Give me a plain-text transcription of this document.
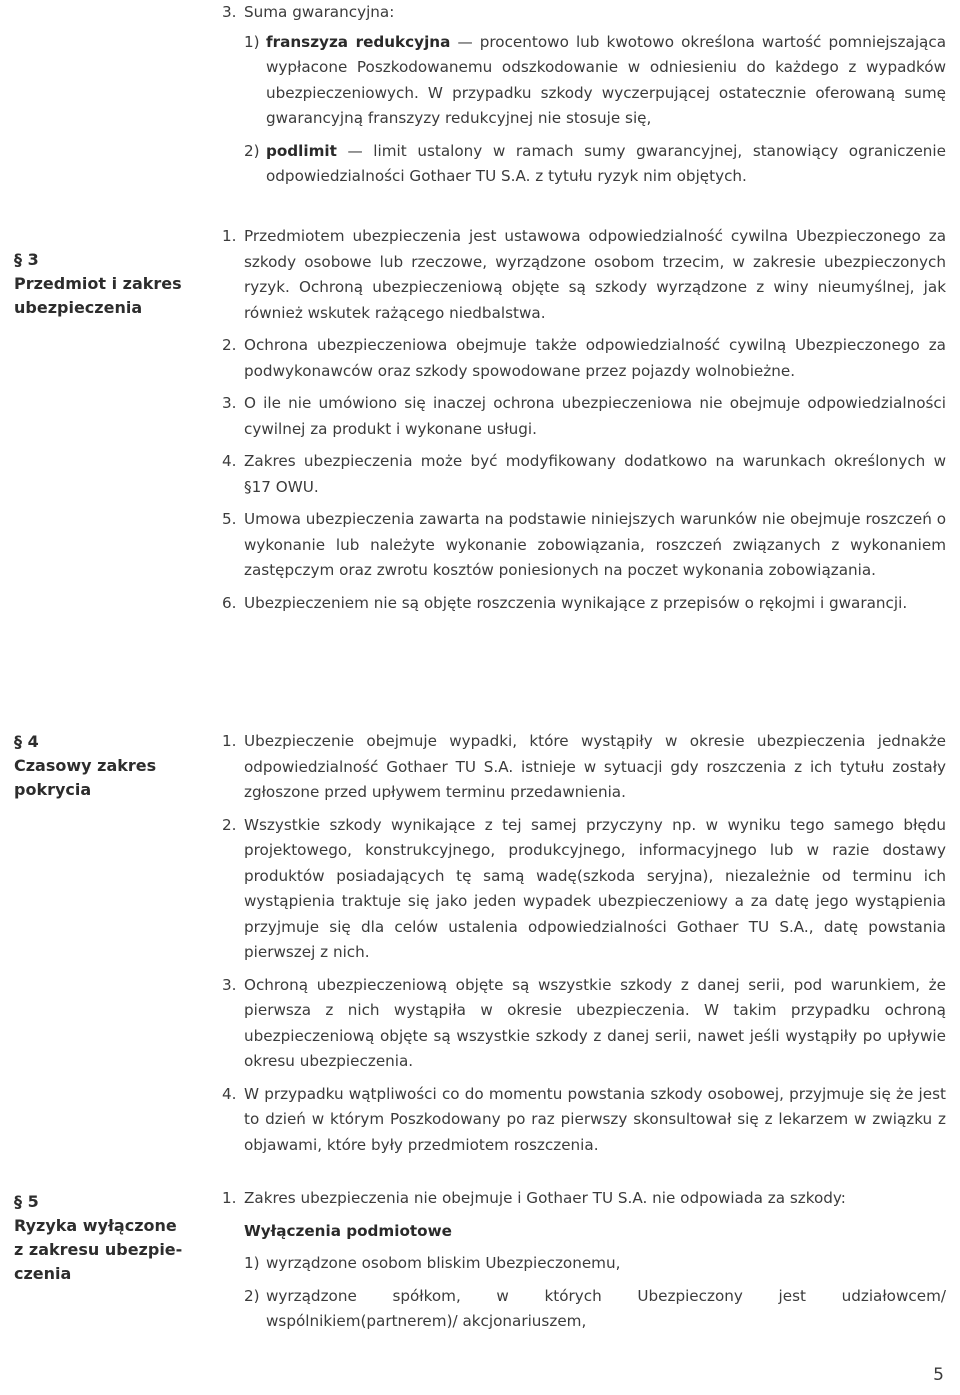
3. Suma gwarancyjna:
1) franszyza redukcyjna — procentowo lub kwotowo określona wartość pomniejszająca wypłacone Poszkodowanemu odszkodowanie w odniesieniu do każdego z wypadków ubezpieczeniowych. W przypadku szkody wyczerpującej ostatecznie oferowaną sumę gwarancyjną franszyzy redukcyjnej nie stosuje się,
2) podlimit — limit ustalony w ramach sumy gwarancyjnej, stanowiący ograniczenie odpowiedzialności Gothaer TU S.A. z tytułu ryzyk nim objętych.
§ 3
Przedmiot i zakres
ubezpieczenia
1. Przedmiotem ubezpieczenia jest ustawowa odpowiedzialność cywilna Ubezpieczonego za szkody osobowe lub rzeczowe, wyrządzone osobom trzecim, w zakresie ubezpieczonych ryzyk. Ochroną ubezpieczeniową objęte są szkody wyrządzone z winy nieumyślnej, jak również wskutek rażącego niedbalstwa.
2. Ochrona ubezpieczeniowa obejmuje także odpowiedzialność cywilną Ubezpieczonego za podwykonawców oraz szkody spowodowane przez pojazdy wolnobieżne.
3. O ile nie umówiono się inaczej ochrona ubezpieczeniowa nie obejmuje odpowiedzialności cywilnej za produkt i wykonane usługi.
4. Zakres ubezpieczenia może być modyfikowany dodatkowo na warunkach określonych w §17 OWU.
5. Umowa ubezpieczenia zawarta na podstawie niniejszych warunków nie obejmuje roszczeń o wykonanie lub należyte wykonanie zobowiązania, roszczeń związanych z wykonaniem zastępczym oraz zwrotu kosztów poniesionych na poczet wykonania zobowiązania.
6. Ubezpieczeniem nie są objęte roszczenia wynikające z przepisów o rękojmi i gwarancji.
§ 4
Czasowy zakres
pokrycia
1. Ubezpieczenie obejmuje wypadki, które wystąpiły w okresie ubezpieczenia jednakże odpowiedzialność Gothaer TU S.A. istnieje w sytuacji gdy roszczenia z ich tytułu zostały zgłoszone przed upływem terminu przedawnienia.
2. Wszystkie szkody wynikające z tej samej przyczyny np. w wyniku tego samego błędu projektowego, konstrukcyjnego, produkcyjnego, informacyjnego lub w razie dostawy produktów posiadających tę samą wadę(szkoda seryjna), niezależnie od terminu ich wystąpienia traktuje się jako jeden wypadek ubezpieczeniowy a za datę jego wystąpienia przyjmuje się dla celów ustalenia odpowiedzialności Gothaer TU S.A., datę powstania pierwszej z nich.
3. Ochroną ubezpieczeniową objęte są wszystkie szkody z danej serii, pod warunkiem, że pierwsza z nich wystąpiła w okresie ubezpieczenia. W takim przypadku ochroną ubezpieczeniową objęte są wszystkie szkody z danej serii, nawet jeśli wystąpiły po upływie okresu ubezpieczenia.
4. W przypadku wątpliwości co do momentu powstania szkody osobowej, przyjmuje się że jest to dzień w którym Poszkodowany po raz pierwszy skonsultował się z lekarzem w związku z objawami, które były przedmiotem roszczenia.
§ 5
Ryzyka wyłączone
z zakresu ubezpie-
czenia
1. Zakres ubezpieczenia nie obejmuje i Gothaer TU S.A. nie odpowiada za szkody:
Wyłączenia podmiotowe
1) wyrządzone osobom bliskim Ubezpieczonemu,
2) wyrządzone spółkom, w których Ubezpieczony jest udziałowcem/ wspólnikiem(partnerem)/ akcjonariuszem,
5
